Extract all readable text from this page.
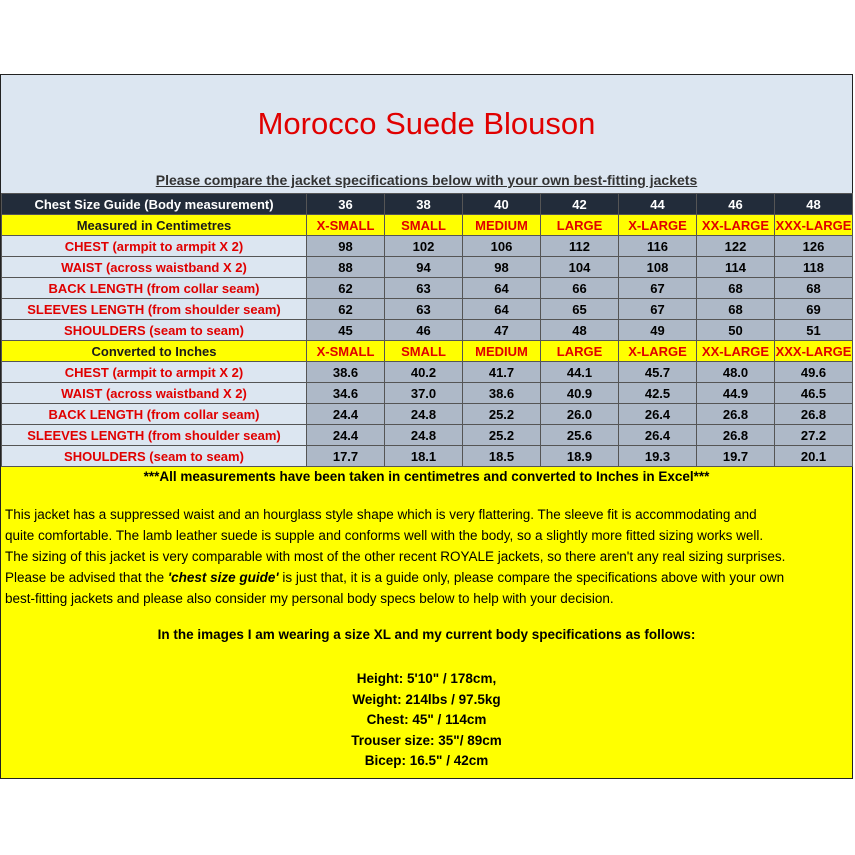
Morocco Suede Blouson
Please compare the jacket specifications below with your own best-fitting jackets
Chest Size Guide (Body measurement)	36	38	40	42	44	46	48
Measured in Centimetres	X-SMALL	SMALL	MEDIUM	LARGE	X-LARGE	XX-LARGE	XXX-LARGE
CHEST (armpit to armpit X 2)	98	102	106	112	116	122	126
WAIST (across waistband X 2)	88	94	98	104	108	114	118
BACK LENGTH (from collar seam)	62	63	64	66	67	68	68
SLEEVES LENGTH (from shoulder seam)	62	63	64	65	67	68	69
SHOULDERS (seam to seam)	45	46	47	48	49	50	51
Converted to Inches	X-SMALL	SMALL	MEDIUM	LARGE	X-LARGE	XX-LARGE	XXX-LARGE
CHEST (armpit to armpit X 2)	38.6	40.2	41.7	44.1	45.7	48.0	49.6
WAIST (across waistband X 2)	34.6	37.0	38.6	40.9	42.5	44.9	46.5
BACK LENGTH (from collar seam)	24.4	24.8	25.2	26.0	26.4	26.8	26.8
SLEEVES LENGTH (from shoulder seam)	24.4	24.8	25.2	25.6	26.4	26.8	27.2
SHOULDERS (seam to seam)	17.7	18.1	18.5	18.9	19.3	19.7	20.1
***All measurements have been taken in centimetres and converted to Inches in Excel***

This jacket has a suppressed waist and an hourglass style shape which is very flattering. The sleeve fit is accommodating and

quite comfortable. The lamb leather suede is supple and conforms well with the body, so a slightly more fitted sizing works well.

The sizing of this jacket is very comparable with most of the other recent ROYALE jackets, so there aren't any real sizing surprises.

Please be advised that the 'chest size guide' is just that, it is a guide only, please compare the specifications above with your own

best-fitting jackets and please also consider my personal body specs below to help with your decision.

In the images I am wearing a size XL and my current body specifications as follows:
Height: 5'10" / 178cm,
Weight: 214lbs / 97.5kg
Chest: 45" / 114cm
Trouser size: 35"/ 89cm
Bicep: 16.5" / 42cm
